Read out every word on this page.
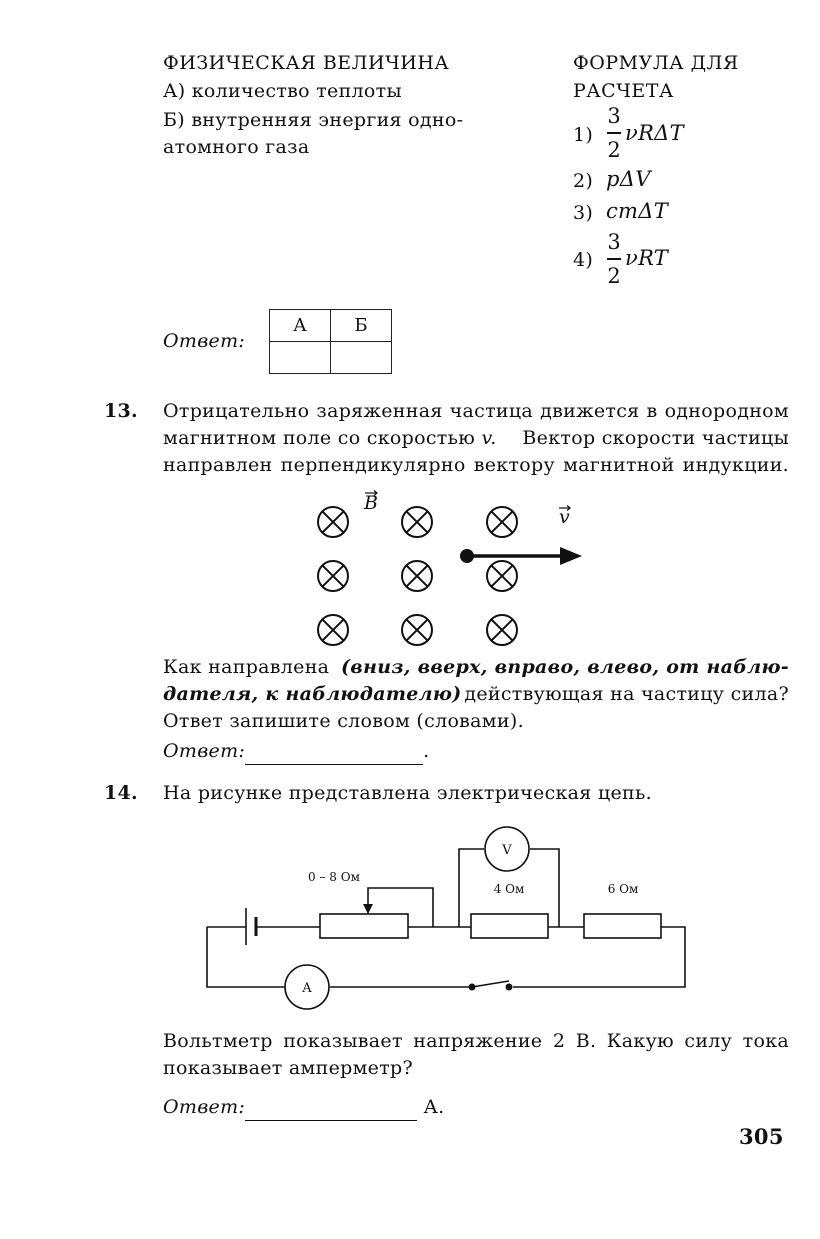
ФИЗИЧЕСКАЯ ВЕЛИЧИНА	ФОРМУЛА ДЛЯ
РАСЧЕТА
А) количество теплоты
Б) внутренняя энергия одно-
атомного газа
1)
3
2
νRΔT
2) pΔV
3) cmΔT
4)
3
2
νRT
Ответ:
А	Б

13. Отрицательно заряженная частица движется в однородном
магнитном поле со скоростью v. Вектор скорости частицы
направлен перпендикулярно вектору магнитной индукции.
B
v
Как направлена (вниз, вверх, вправо, влево, от наблю-
дателя, к наблюдателю) действующая на частицу сила?
Ответ запишите словом (словами).
Ответ:	.
14. На рисунке представлена электрическая цепь.
0 – 8 Ом
4 Ом	6 Ом
V
A
Вольтметр показывает напряжение 2 В. Какую силу тока
показывает амперметр?
Ответ:	А.
305
